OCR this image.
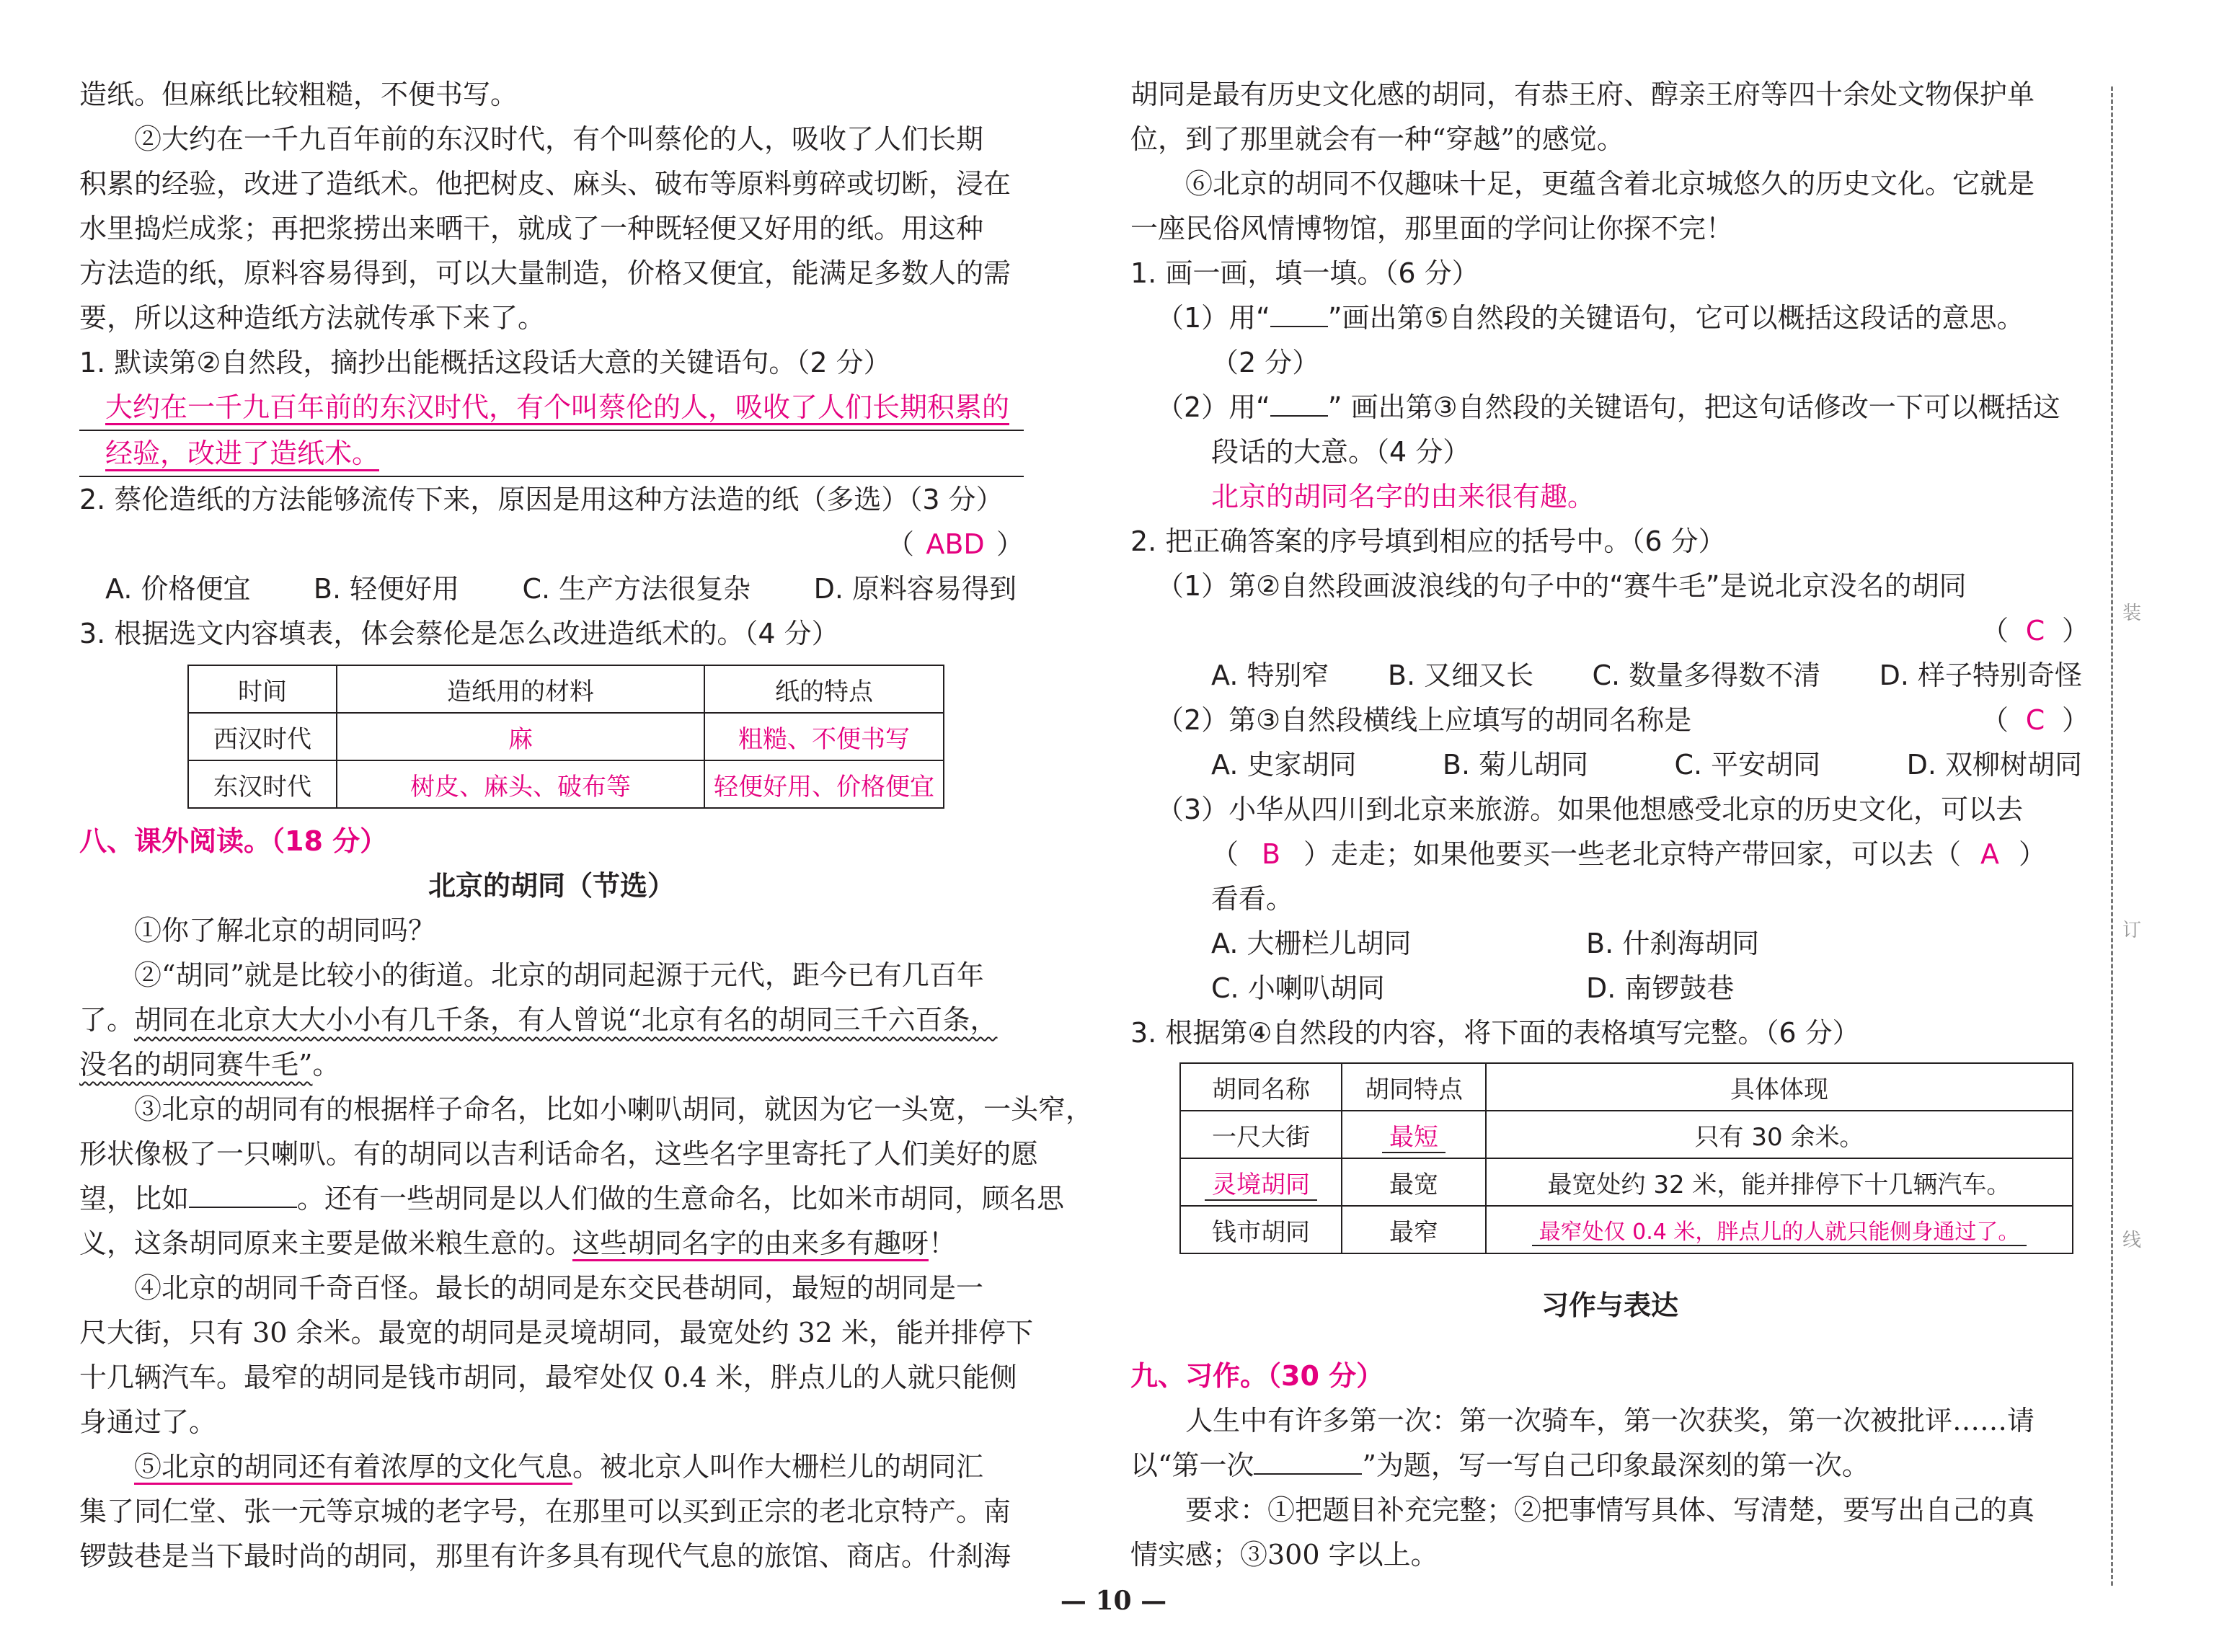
造纸。但麻纸比较粗糙，不便书写。

②大约在一千九百年前的东汉时代，有个叫蔡伦的人，吸收了人们长期

积累的经验，改进了造纸术。他把树皮、麻头、破布等原料剪碎或切断，浸在

水里捣烂成浆；再把浆捞出来晒干，就成了一种既轻便又好用的纸。用这种

方法造的纸，原料容易得到，可以大量制造，价格又便宜，能满足多数人的需

要，所以这种造纸方法就传承下来了。

1. 默读第②自然段，摘抄出能概括这段话大意的关键语句。（2 分）

大约在一千九百年前的东汉时代，有个叫蔡伦的人，吸收了人们长期积累的

经验，改进了造纸术。

2. 蔡伦造纸的方法能够流传下来，原因是用这种方法造的纸（多选）（3 分）

（ ABD ）
A. 价格便宜 B. 轻便好用 C. 生产方法很复杂 D. 原料容易得到

3. 根据选文内容填表，体会蔡伦是怎么改进造纸术的。（4 分）

时间	造纸用的材料	纸的特点
西汉时代	麻	粗糙、不便书写
东汉时代	树皮、麻头、破布等	轻便好用、价格便宜

八、课外阅读。（18 分）

北京的胡同（节选）

①你了解北京的胡同吗？

②“胡同”就是比较小的街道。北京的胡同起源于元代，距今已有几百年

了。胡同在北京大大小小有几千条，有人曾说“北京有名的胡同三千六百条，

没名的胡同赛牛毛”。

③北京的胡同有的根据样子命名，比如小喇叭胡同，就因为它一头宽，一头窄，

形状像极了一只喇叭。有的胡同以吉利话命名，这些名字里寄托了人们美好的愿

望，比如	。还有一些胡同是以人们做的生意命名，比如米市胡同，顾名思

义，这条胡同原来主要是做米粮生意的。这些胡同名字的由来多有趣呀！

④北京的胡同千奇百怪。最长的胡同是东交民巷胡同，最短的胡同是一

尺大街，只有 30 余米。最宽的胡同是灵境胡同，最宽处约 32 米，能并排停下

十几辆汽车。最窄的胡同是钱市胡同，最窄处仅 0.4 米，胖点儿的人就只能侧

身通过了。

⑤北京的胡同还有着浓厚的文化气息。被北京人叫作大栅栏儿的胡同汇

集了同仁堂、张一元等京城的老字号，在那里可以买到正宗的老北京特产。南

锣鼓巷是当下最时尚的胡同，那里有许多具有现代气息的旅馆、商店。什刹海

胡同是最有历史文化感的胡同，有恭王府、醇亲王府等四十余处文物保护单

位，到了那里就会有一种“穿越”的感觉。

⑥北京的胡同不仅趣味十足，更蕴含着北京城悠久的历史文化。它就是

一座民俗风情博物馆，那里面的学问让你探不完！

1. 画一画，填一填。（6 分）

（1）用“ ”画出第⑤自然段的关键语句，它可以概括这段话的意思。

（2 分）

（2）用“ ” 画出第③自然段的关键语句，把这句话修改一下可以概括这

段话的大意。（4 分）

北京的胡同名字的由来很有趣。

2. 把正确答案的序号填到相应的括号中。（6 分）

（1）第②自然段画波浪线的句子中的“赛牛毛”是说北京没名的胡同

（ C ）
A. 特别窄 B. 又细又长 C. 数量多得数不清 D. 样子特别奇怪
（2）第③自然段横线上应填写的胡同名称是	（ C ）
A. 史家胡同	B. 菊儿胡同	C. 平安胡同	D. 双柳树胡同

（3）小华从四川到北京来旅游。如果他想感受北京的历史文化，可以去

（ B ）走走；如果他要买一些老北京特产带回家，可以去（ A ）

看看。

A. 大栅栏儿胡同	B. 什刹海胡同
C. 小喇叭胡同	D. 南锣鼓巷

3. 根据第④自然段的内容，将下面的表格填写完整。（6 分）

胡同名称	胡同特点	具体体现
一尺大街	最短	只有 30 余米。
灵境胡同	最宽	最宽处约 32 米，能并排停下十几辆汽车。
钱市胡同	最窄	最窄处仅 0.4 米，胖点儿的人就只能侧身通过了。

习作与表达

九、习作。（30 分）

人生中有许多第一次：第一次骑车，第一次获奖，第一次被批评……请

以“第一次	”为题，写一写自己印象最深刻的第一次。

要求：①把题目补充完整；②把事情写具体、写清楚，要写出自己的真

情实感；③300 字以上。

装
订
线
— 10 —
